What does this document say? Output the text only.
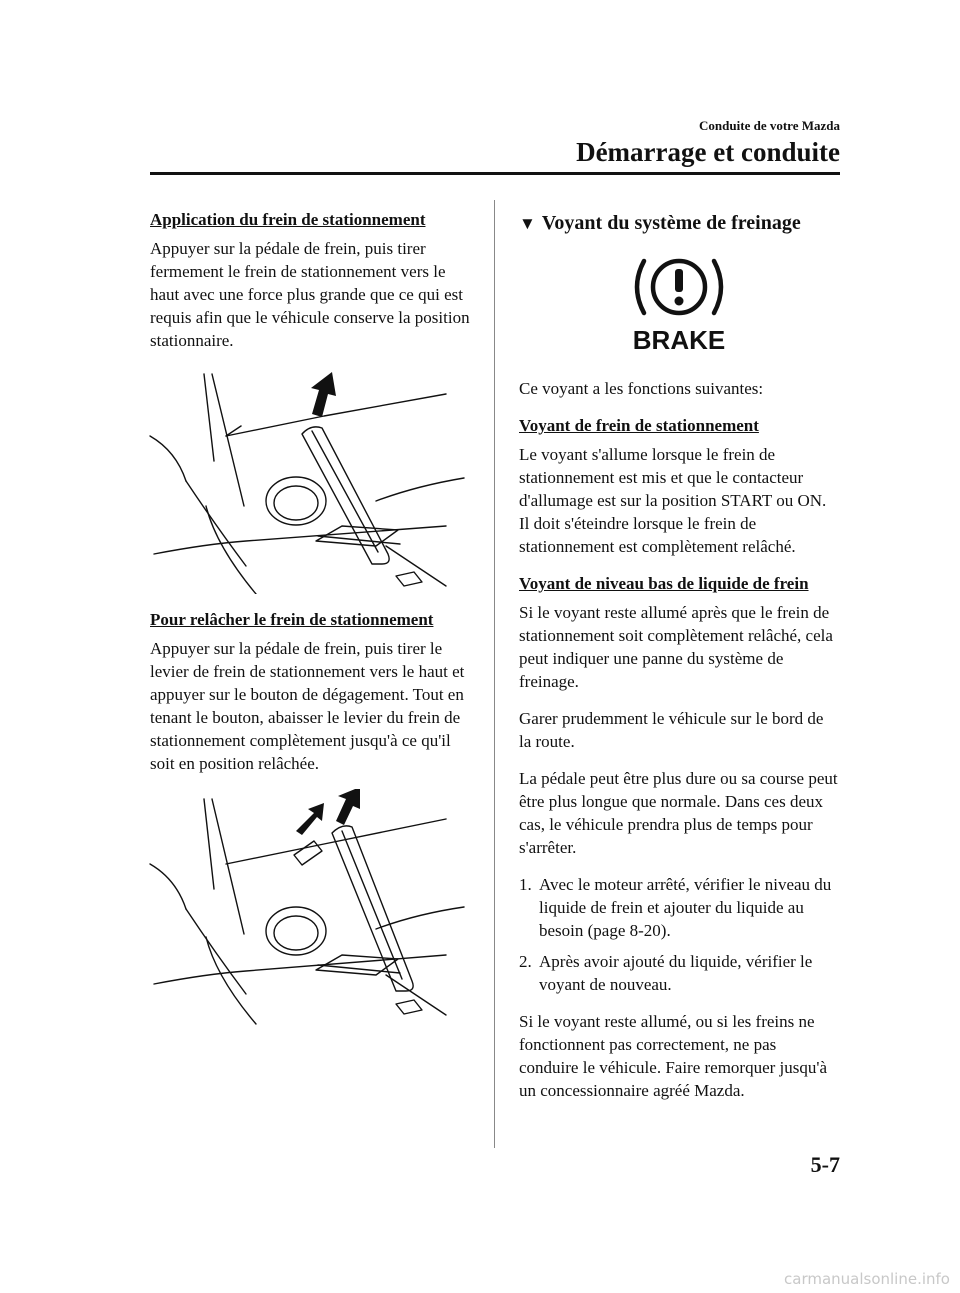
Conduite de votre Mazda
Démarrage et conduite
Application du frein de stationnement
Appuyer sur la pédale de frein, puis tirer fermement le frein de stationnement vers le haut avec une force plus grande que ce qui est requis afin que le véhicule conserve la position stationnaire.
Pour relâcher le frein de stationnement
Appuyer sur la pédale de frein, puis tirer le levier de frein de stationnement vers le haut et appuyer sur le bouton de dégagement. Tout en tenant le bouton, abaisser le levier du frein de stationnement complètement jusqu'à ce qu'il soit en position relâchée.
▼ Voyant du système de freinage
BRAKE
Ce voyant a les fonctions suivantes:
Voyant de frein de stationnement
Le voyant s'allume lorsque le frein de stationnement est mis et que le contacteur d'allumage est sur la position START ou ON. Il doit s'éteindre lorsque le frein de stationnement est complètement relâché.
Voyant de niveau bas de liquide de frein
Si le voyant reste allumé après que le frein de stationnement soit complètement relâché, cela peut indiquer une panne du système de freinage.
Garer prudemment le véhicule sur le bord de la route.
La pédale peut être plus dure ou sa course peut être plus longue que normale. Dans ces deux cas, le véhicule prendra plus de temps pour s'arrêter.
1. Avec le moteur arrêté, vérifier le niveau du liquide de frein et ajouter du liquide au besoin (page 8-20).
2. Après avoir ajouté du liquide, vérifier le voyant de nouveau.
Si le voyant reste allumé, ou si les freins ne fonctionnent pas correctement, ne pas conduire le véhicule. Faire remorquer jusqu'à un concessionnaire agréé Mazda.
5-7
carmanualsonline.info
